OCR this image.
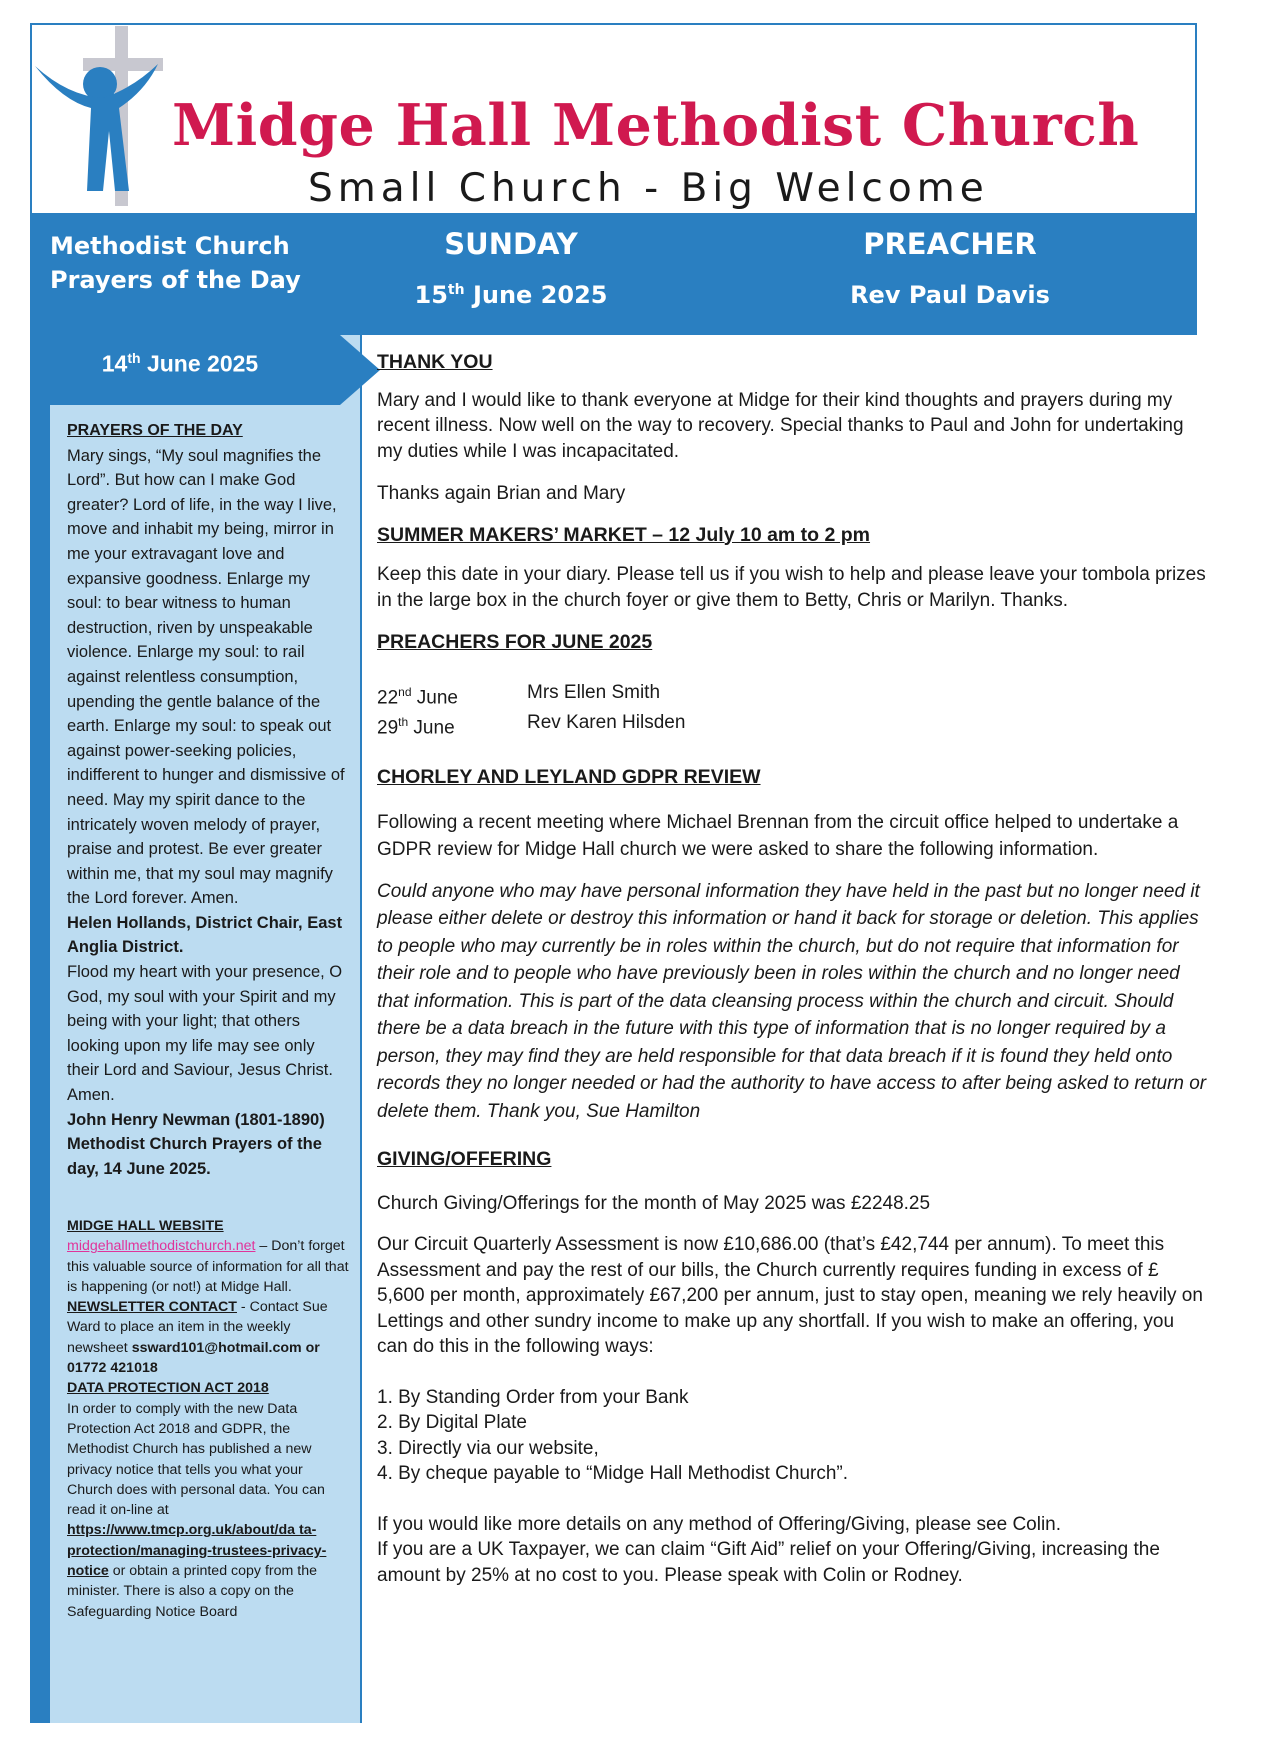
Midge Hall Methodist Church
Small Church - Big Welcome
Methodist Church
Prayers of the Day
SUNDAY
15th June 2025
PREACHER
Rev Paul Davis
14th June 2025
PRAYERS OF THE DAY
Mary sings, “My soul magnifies the Lord”. But how can I make God greater? Lord of life, in the way I live, move and inhabit my being, mirror in me your extravagant love and expansive goodness. Enlarge my soul: to bear witness to human destruction, riven by unspeakable violence. Enlarge my soul: to rail against relentless consumption, upending the gentle balance of the earth. Enlarge my soul: to speak out against power-seeking policies, indifferent to hunger and dismissive of need. May my spirit dance to the intricately woven melody of prayer, praise and protest. Be ever greater within me, that my soul may magnify the Lord forever. Amen.
Helen Hollands, District Chair, East Anglia District.
Flood my heart with your presence, O God, my soul with your Spirit and my being with your light; that others looking upon my life may see only their Lord and Saviour, Jesus Christ. Amen.
John Henry Newman (1801-1890) Methodist Church Prayers of the day, 14 June 2025.
MIDGE HALL WEBSITE
midgehallmethodistchurch.net – Don’t forget this valuable source of information for all that is happening (or not!) at Midge Hall.
NEWSLETTER CONTACT - Contact Sue Ward to place an item in the weekly newsheet ssward101@hotmail.com or
01772 421018
DATA PROTECTION ACT 2018
In order to comply with the new Data Protection Act 2018 and GDPR, the Methodist Church has published a new privacy notice that tells you what your Church does with personal data. You can read it on-line at https://www.tmcp.org.uk/about/da ta-protection/managing-trustees-privacy-notice or obtain a printed copy from the minister. There is also a copy on the Safeguarding Notice Board
THANK YOU

Mary and I would like to thank everyone at Midge for their kind thoughts and prayers during my recent illness. Now well on the way to recovery. Special thanks to Paul and John for undertaking my duties while I was incapacitated.

Thanks again Brian and Mary

SUMMER MAKERS’ MARKET – 12 July 10 am to 2 pm

Keep this date in your diary. Please tell us if you wish to help and please leave your tombola prizes in the large box in the church foyer or give them to Betty, Chris or Marilyn. Thanks.

PREACHERS FOR JUNE 2025
22nd June	Mrs Ellen Smith
29th June	Rev Karen Hilsden
CHORLEY AND LEYLAND GDPR REVIEW

Following a recent meeting where Michael Brennan from the circuit office helped to undertake a GDPR review for Midge Hall church we were asked to share the following information.

Could anyone who may have personal information they have held in the past but no longer need it please either delete or destroy this information or hand it back for storage or deletion. This applies to people who may currently be in roles within the church, but do not require that information for their role and to people who have previously been in roles within the church and no longer need that information. This is part of the data cleansing process within the church and circuit. Should there be a data breach in the future with this type of information that is no longer required by a person, they may find they are held responsible for that data breach if it is found they held onto records they no longer needed or had the authority to have access to after being asked to return or delete them. Thank you, Sue Hamilton

GIVING/OFFERING

Church Giving/Offerings for the month of May 2025 was £2248.25

Our Circuit Quarterly Assessment is now £10,686.00 (that’s £42,744 per annum). To meet this Assessment and pay the rest of our bills, the Church currently requires funding in excess of £ 5,600 per month, approximately £67,200 per annum, just to stay open, meaning we rely heavily on Lettings and other sundry income to make up any shortfall. If you wish to make an offering, you can do this in the following ways:

1. By Standing Order from your Bank
2. By Digital Plate
3. Directly via our website,
4. By cheque payable to “Midge Hall Methodist Church”.

If you would like more details on any method of Offering/Giving, please see Colin.

If you are a UK Taxpayer, we can claim “Gift Aid” relief on your Offering/Giving, increasing the amount by 25% at no cost to you. Please speak with Colin or Rodney.
